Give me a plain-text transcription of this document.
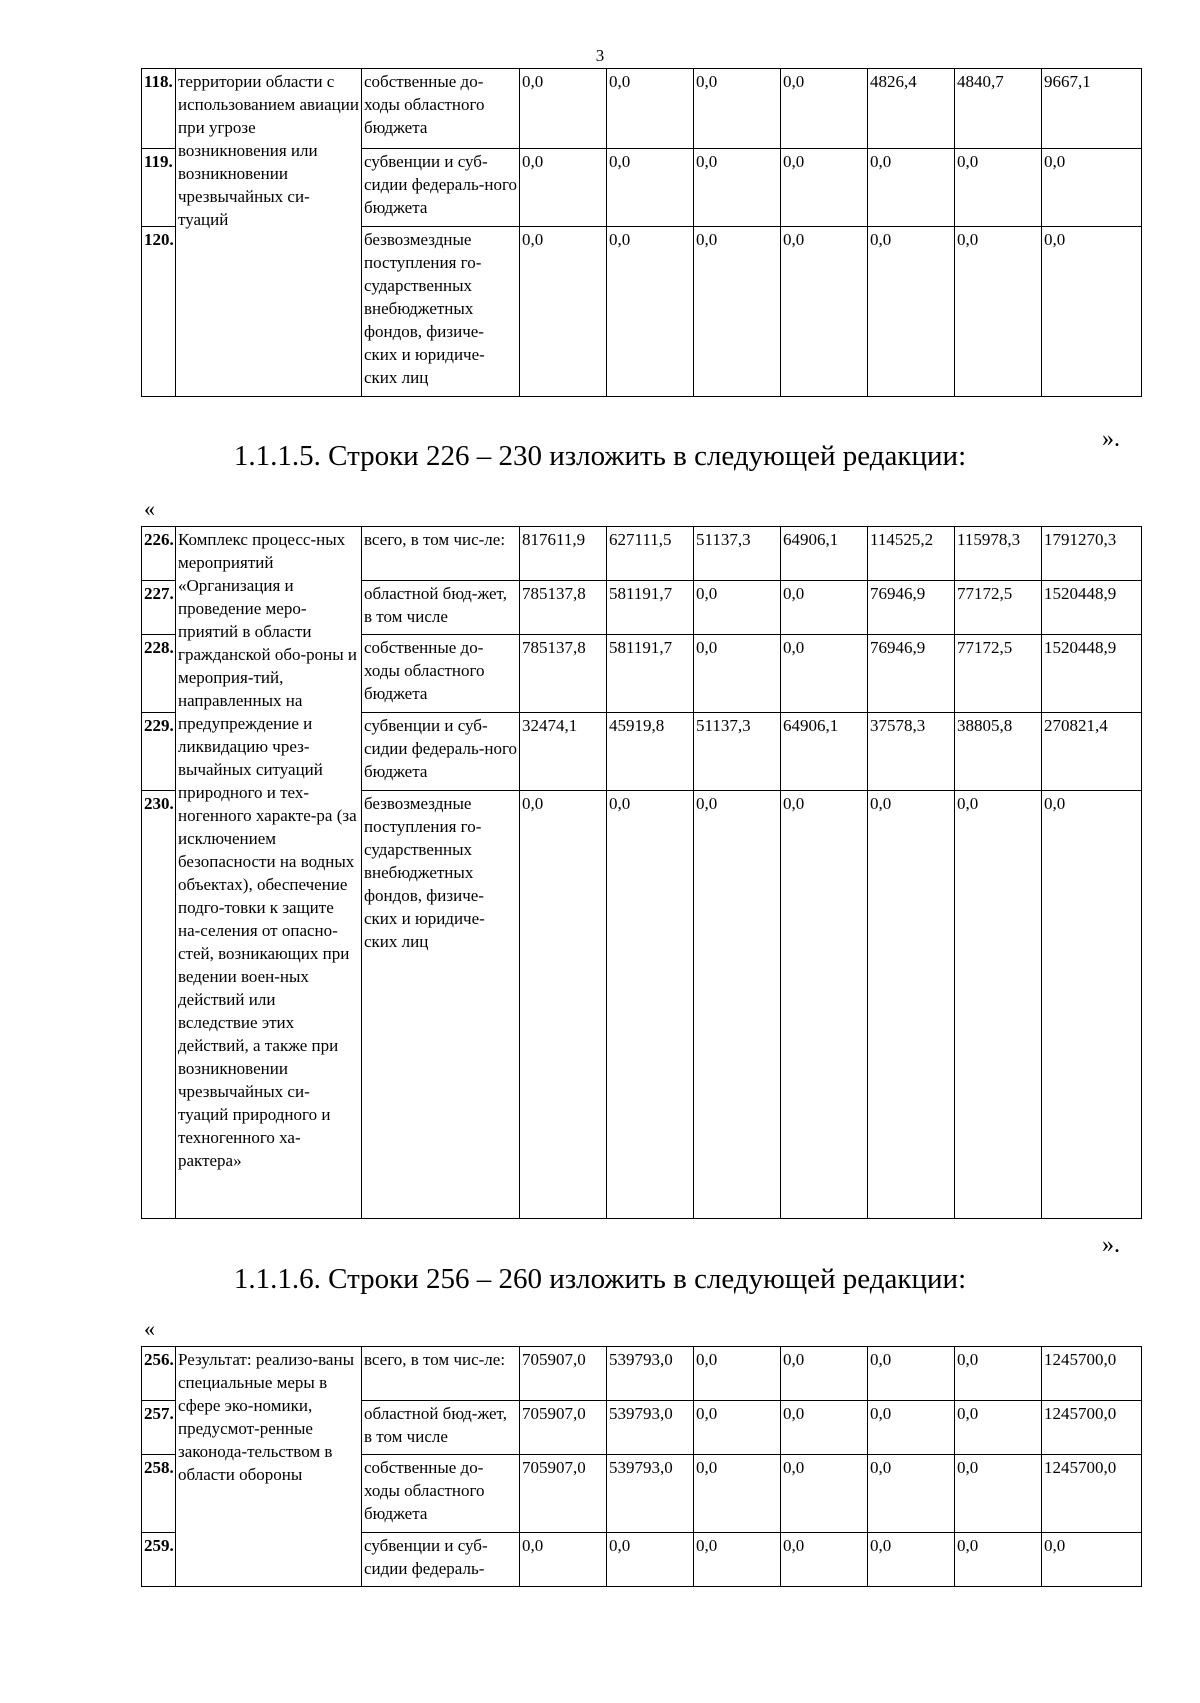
3
118.	территории области с использованием авиации при угрозе возникновения или возникновении чрезвычайных си-туаций	собственные до-ходы областного бюджета	0,0	0,0	0,0	0,0	4826,4	4840,7	9667,1
119.		субвенции и суб-сидии федераль-ного бюджета	0,0	0,0	0,0	0,0	0,0	0,0	0,0
120.		безвозмездные поступления го-сударственных внебюджетных фондов, физиче-ских и юридиче-ских лиц	0,0	0,0	0,0	0,0	0,0	0,0	0,0
».
1.1.1.5. Строки 226 – 230 изложить в следующей редакции:
«
226.	Комплекс процесс-ных мероприятий «Организация и проведение меро-приятий в области гражданской обо-роны и мероприя-тий, направленных на предупреждение и ликвидацию чрез-вычайных ситуаций природного и тех-ногенного характе-ра (за исключением безопасности на водных объектах), обеспечение подго-товки к защите на-селения от опасно-стей, возникающих при ведении воен-ных действий или вследствие этих действий, а также при возникновении чрезвычайных си-туаций природного и техногенного ха-рактера»	всего, в том чис-ле:	817611,9	627111,5	51137,3	64906,1	114525,2	115978,3	1791270,3
227.		областной бюд-жет, в том числе	785137,8	581191,7	0,0	0,0	76946,9	77172,5	1520448,9
228.		собственные до-ходы областного бюджета	785137,8	581191,7	0,0	0,0	76946,9	77172,5	1520448,9
229.		субвенции и суб-сидии федераль-ного бюджета	32474,1	45919,8	51137,3	64906,1	37578,3	38805,8	270821,4
230.		безвозмездные поступления го-сударственных внебюджетных фондов, физиче-ских и юридиче-ских лиц	0,0	0,0	0,0	0,0	0,0	0,0	0,0
».
1.1.1.6. Строки 256 – 260 изложить в следующей редакции:
«
256.	Результат: реализо-ваны специальные меры в сфере эко-номики, предусмот-ренные законода-тельством в области обороны	всего, в том чис-ле:	705907,0	539793,0	0,0	0,0	0,0	0,0	1245700,0
257.		областной бюд-жет, в том числе	705907,0	539793,0	0,0	0,0	0,0	0,0	1245700,0
258.		собственные до-ходы областного бюджета	705907,0	539793,0	0,0	0,0	0,0	0,0	1245700,0
259.		субвенции и суб-сидии федераль-	0,0	0,0	0,0	0,0	0,0	0,0	0,0
